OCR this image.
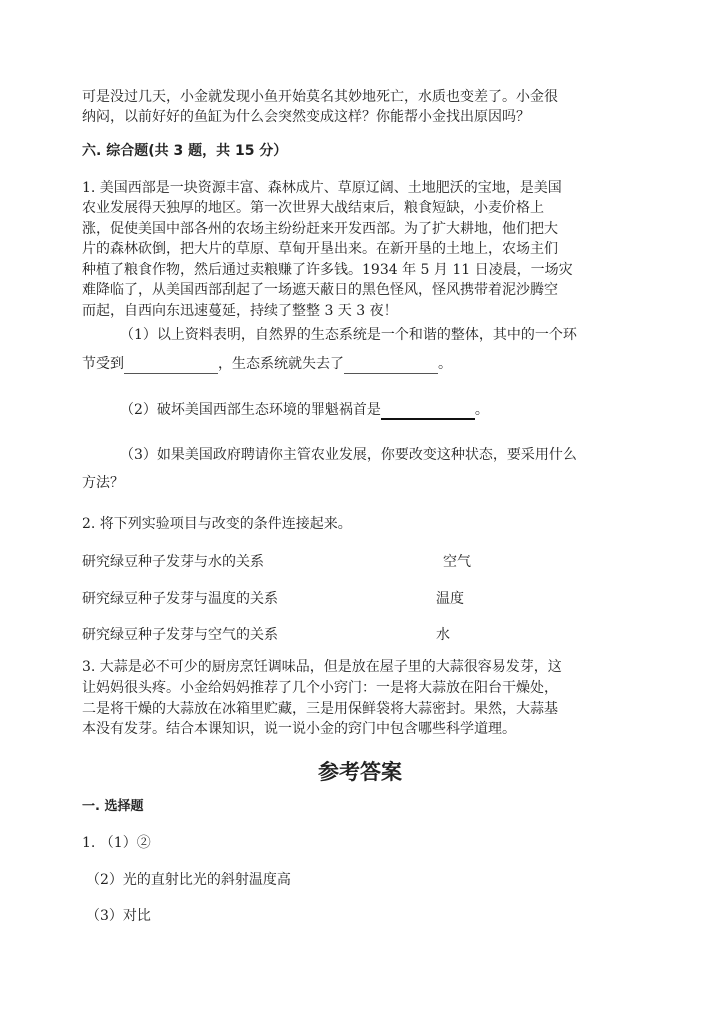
可是没过几天，小金就发现小鱼开始莫名其妙地死亡，水质也变差了。小金很
纳闷，以前好好的鱼缸为什么会突然变成这样？你能帮小金找出原因吗？
六. 综合题(共 3 题，共 15 分）
1. 美国西部是一块资源丰富、森林成片、草原辽阔、土地肥沃的宝地，是美国
农业发展得天独厚的地区。第一次世界大战结束后，粮食短缺，小麦价格上
涨，促使美国中部各州的农场主纷纷赶来开发西部。为了扩大耕地，他们把大
片的森林砍倒，把大片的草原、草甸开垦出来。在新开垦的土地上，农场主们
种植了粮食作物，然后通过卖粮赚了许多钱。1934 年 5 月 11 日凌晨，一场灾
难降临了，从美国西部刮起了一场遮天蔽日的黑色怪风，怪风携带着泥沙腾空
而起，自西向东迅速蔓延，持续了整整 3 天 3 夜！
（1）以上资料表明，自然界的生态系统是一个和谐的整体，其中的一个环
节受到	，生态系统就失去了	。
（2）破坏美国西部生态环境的罪魁祸首是	。
（3）如果美国政府聘请你主管农业发展，你要改变这种状态，要采用什么
方法？
2. 将下列实验项目与改变的条件连接起来。
研究绿豆种子发芽与水的关系	空气
研究绿豆种子发芽与温度的关系	温度
研究绿豆种子发芽与空气的关系	水
3. 大蒜是必不可少的厨房烹饪调味品，但是放在屋子里的大蒜很容易发芽，这
让妈妈很头疼。小金给妈妈推荐了几个小窍门：一是将大蒜放在阳台干燥处，
二是将干燥的大蒜放在冰箱里贮藏，三是用保鲜袋将大蒜密封。果然，大蒜基
本没有发芽。结合本课知识，说一说小金的窍门中包含哪些科学道理。
参考答案
一. 选择题
1. （1）②
（2）光的直射比光的斜射温度高
（3）对比
